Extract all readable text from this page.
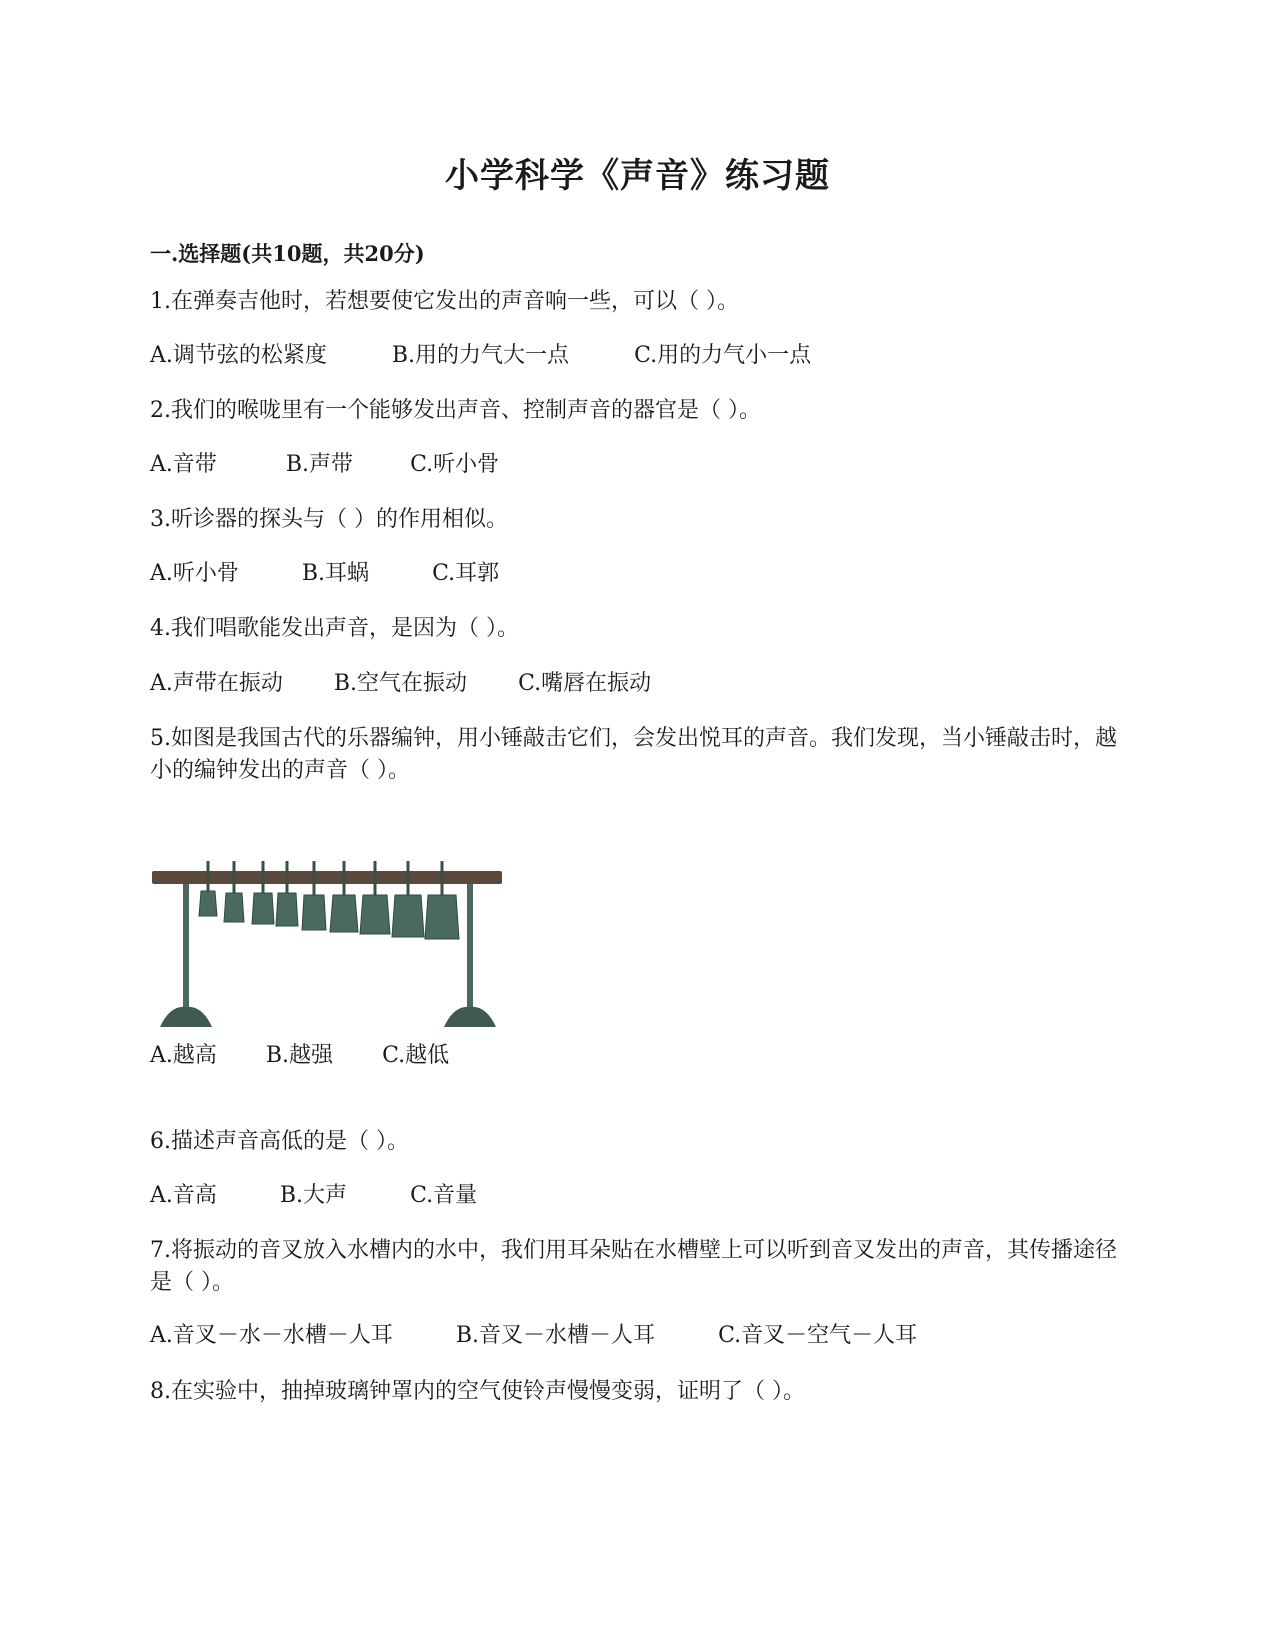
小学科学《声音》练习题
一.选择题(共10题，共20分)
1.在弹奏吉他时，若想要使它发出的声音响一些，可以（ ）。
A.调节弦的松紧度	B.用的力气大一点	C.用的力气小一点
2.我们的喉咙里有一个能够发出声音、控制声音的器官是（ ）。
A.音带	B.声带	C.听小骨
3.听诊器的探头与（ ）的作用相似。
A.听小骨	B.耳蜗	C.耳郭
4.我们唱歌能发出声音，是因为（ ）。
A.声带在振动 B.空气在振动 C.嘴唇在振动
5.如图是我国古代的乐器编钟，用小锤敲击它们，会发出悦耳的声音。我们发现，当小锤敲击时，越小的编钟发出的声音（ ）。
A.越高 B.越强 C.越低
6.描述声音高低的是（ ）。
A.音高	B.大声	C.音量
7.将振动的音叉放入水槽内的水中，我们用耳朵贴在水槽壁上可以听到音叉发出的声音，其传播途径是（ ）。
A.音叉－水－水槽－人耳	B.音叉－水槽－人耳	C.音叉－空气－人耳
8.在实验中，抽掉玻璃钟罩内的空气使铃声慢慢变弱，证明了（ ）。
